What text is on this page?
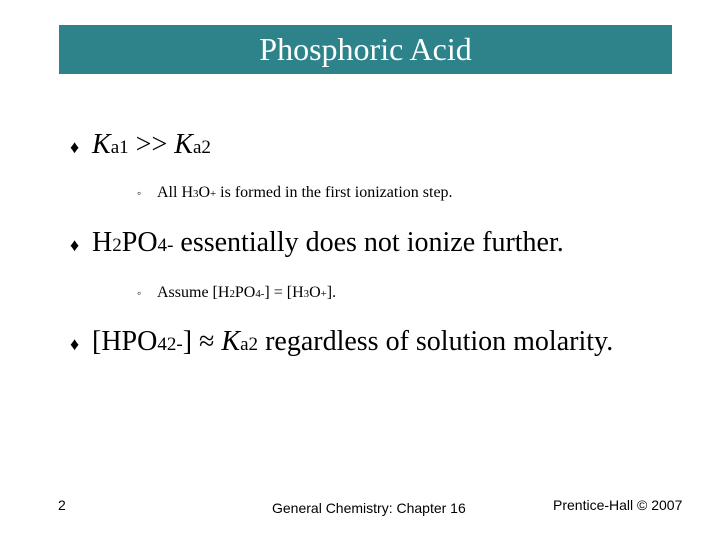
Phosphoric Acid
♦ K a1 >> K a2
◦ All H 3 O + is formed in the first ionization step.
♦ H 2 PO 4 - essentially does not ionize further.
◦ Assume [H 2 PO 4 - ] = [H 3 O + ].
♦ [HPO 4 2- ] ≈ K a2 regardless of solution molarity.
2	General Chemistry: Chapter 16	Prentice-Hall © 2007
